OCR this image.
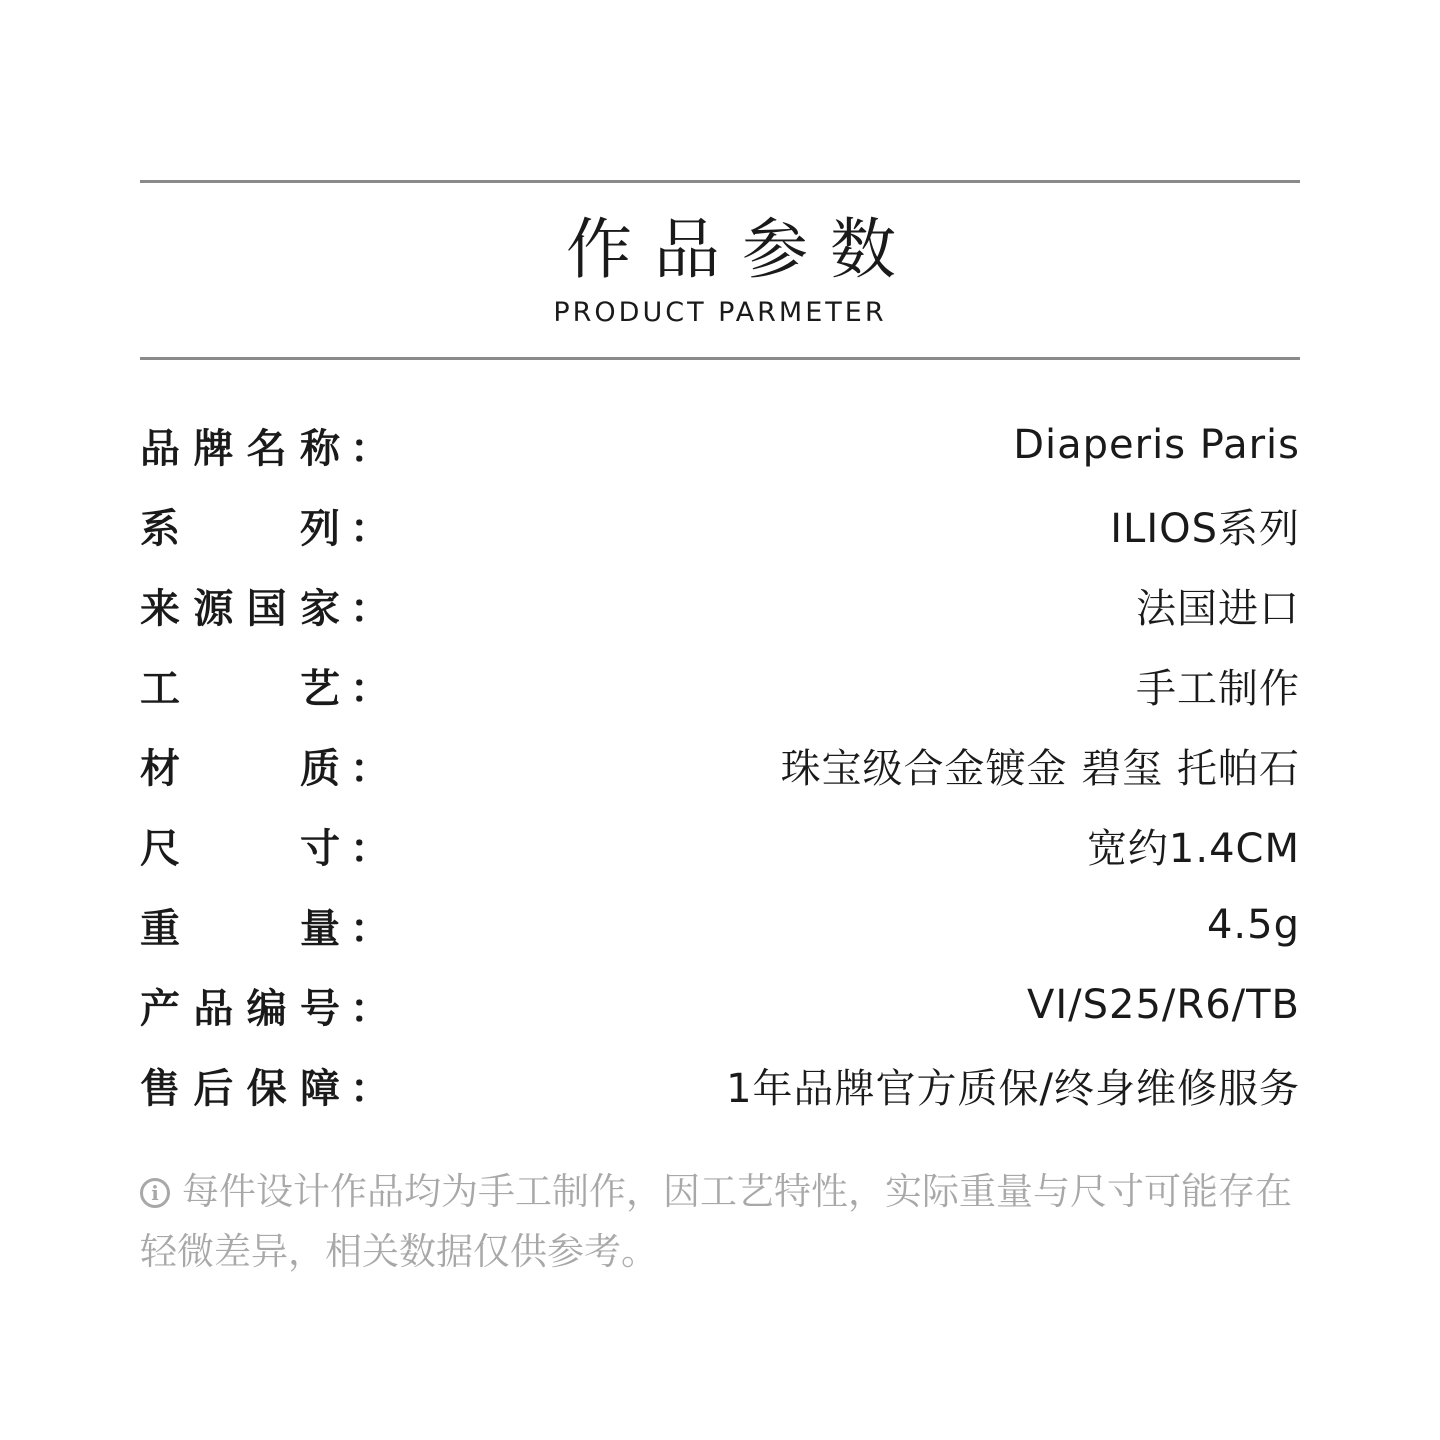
作品参数
PRODUCT PARMETER
品牌名称 ：	Diaperis Paris
系列 ：	ILIOS系列
来源国家 ：	法国进口
工艺 ：	手工制作
材质 ：	珠宝级合金镀金 碧玺 托帕石
尺寸 ：	宽约1.4CM
重量 ：	4.5g
产品编号 ：	VI/S25/R6/TB
售后保障 ：	1年品牌官方质保/终身维修服务
i 每件设计作品均为手工制作，因工艺特性，实际重量与尺寸可能存在轻微差异，相关数据仅供参考。
